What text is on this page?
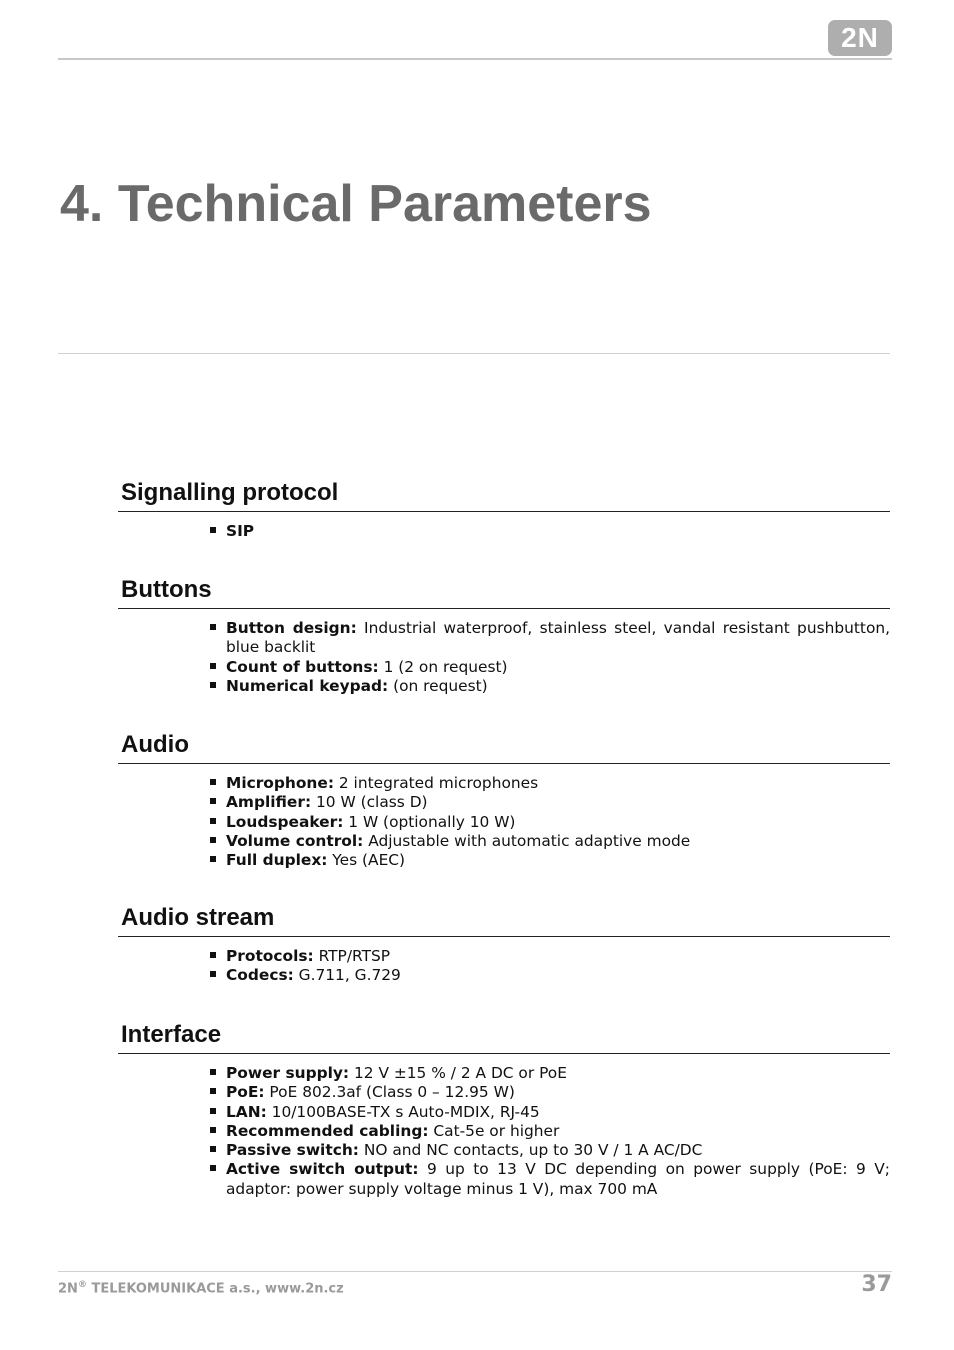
2N
4. Technical Parameters
Signalling protocol
SIP
Buttons
Button design: Industrial waterproof, stainless steel, vandal resistant pushbutton, blue backlit
Count of buttons: 1 (2 on request)
Numerical keypad: (on request)
Audio
Microphone: 2 integrated microphones
Amplifier: 10 W (class D)
Loudspeaker: 1 W (optionally 10 W)
Volume control: Adjustable with automatic adaptive mode
Full duplex: Yes (AEC)
Audio stream
Protocols: RTP/RTSP
Codecs: G.711, G.729
Interface
Power supply: 12 V ±15 % / 2 A DC or PoE
PoE: PoE 802.3af (Class 0 – 12.95 W)
LAN: 10/100BASE-TX s Auto-MDIX, RJ-45
Recommended cabling: Cat-5e or higher
Passive switch: NO and NC contacts, up to 30 V / 1 A AC/DC
Active switch output: 9 up to 13 V DC depending on power supply (PoE: 9 V; adaptor: power supply voltage minus 1 V), max 700 mA
2N® TELEKOMUNIKACE a.s., www.2n.cz	37
